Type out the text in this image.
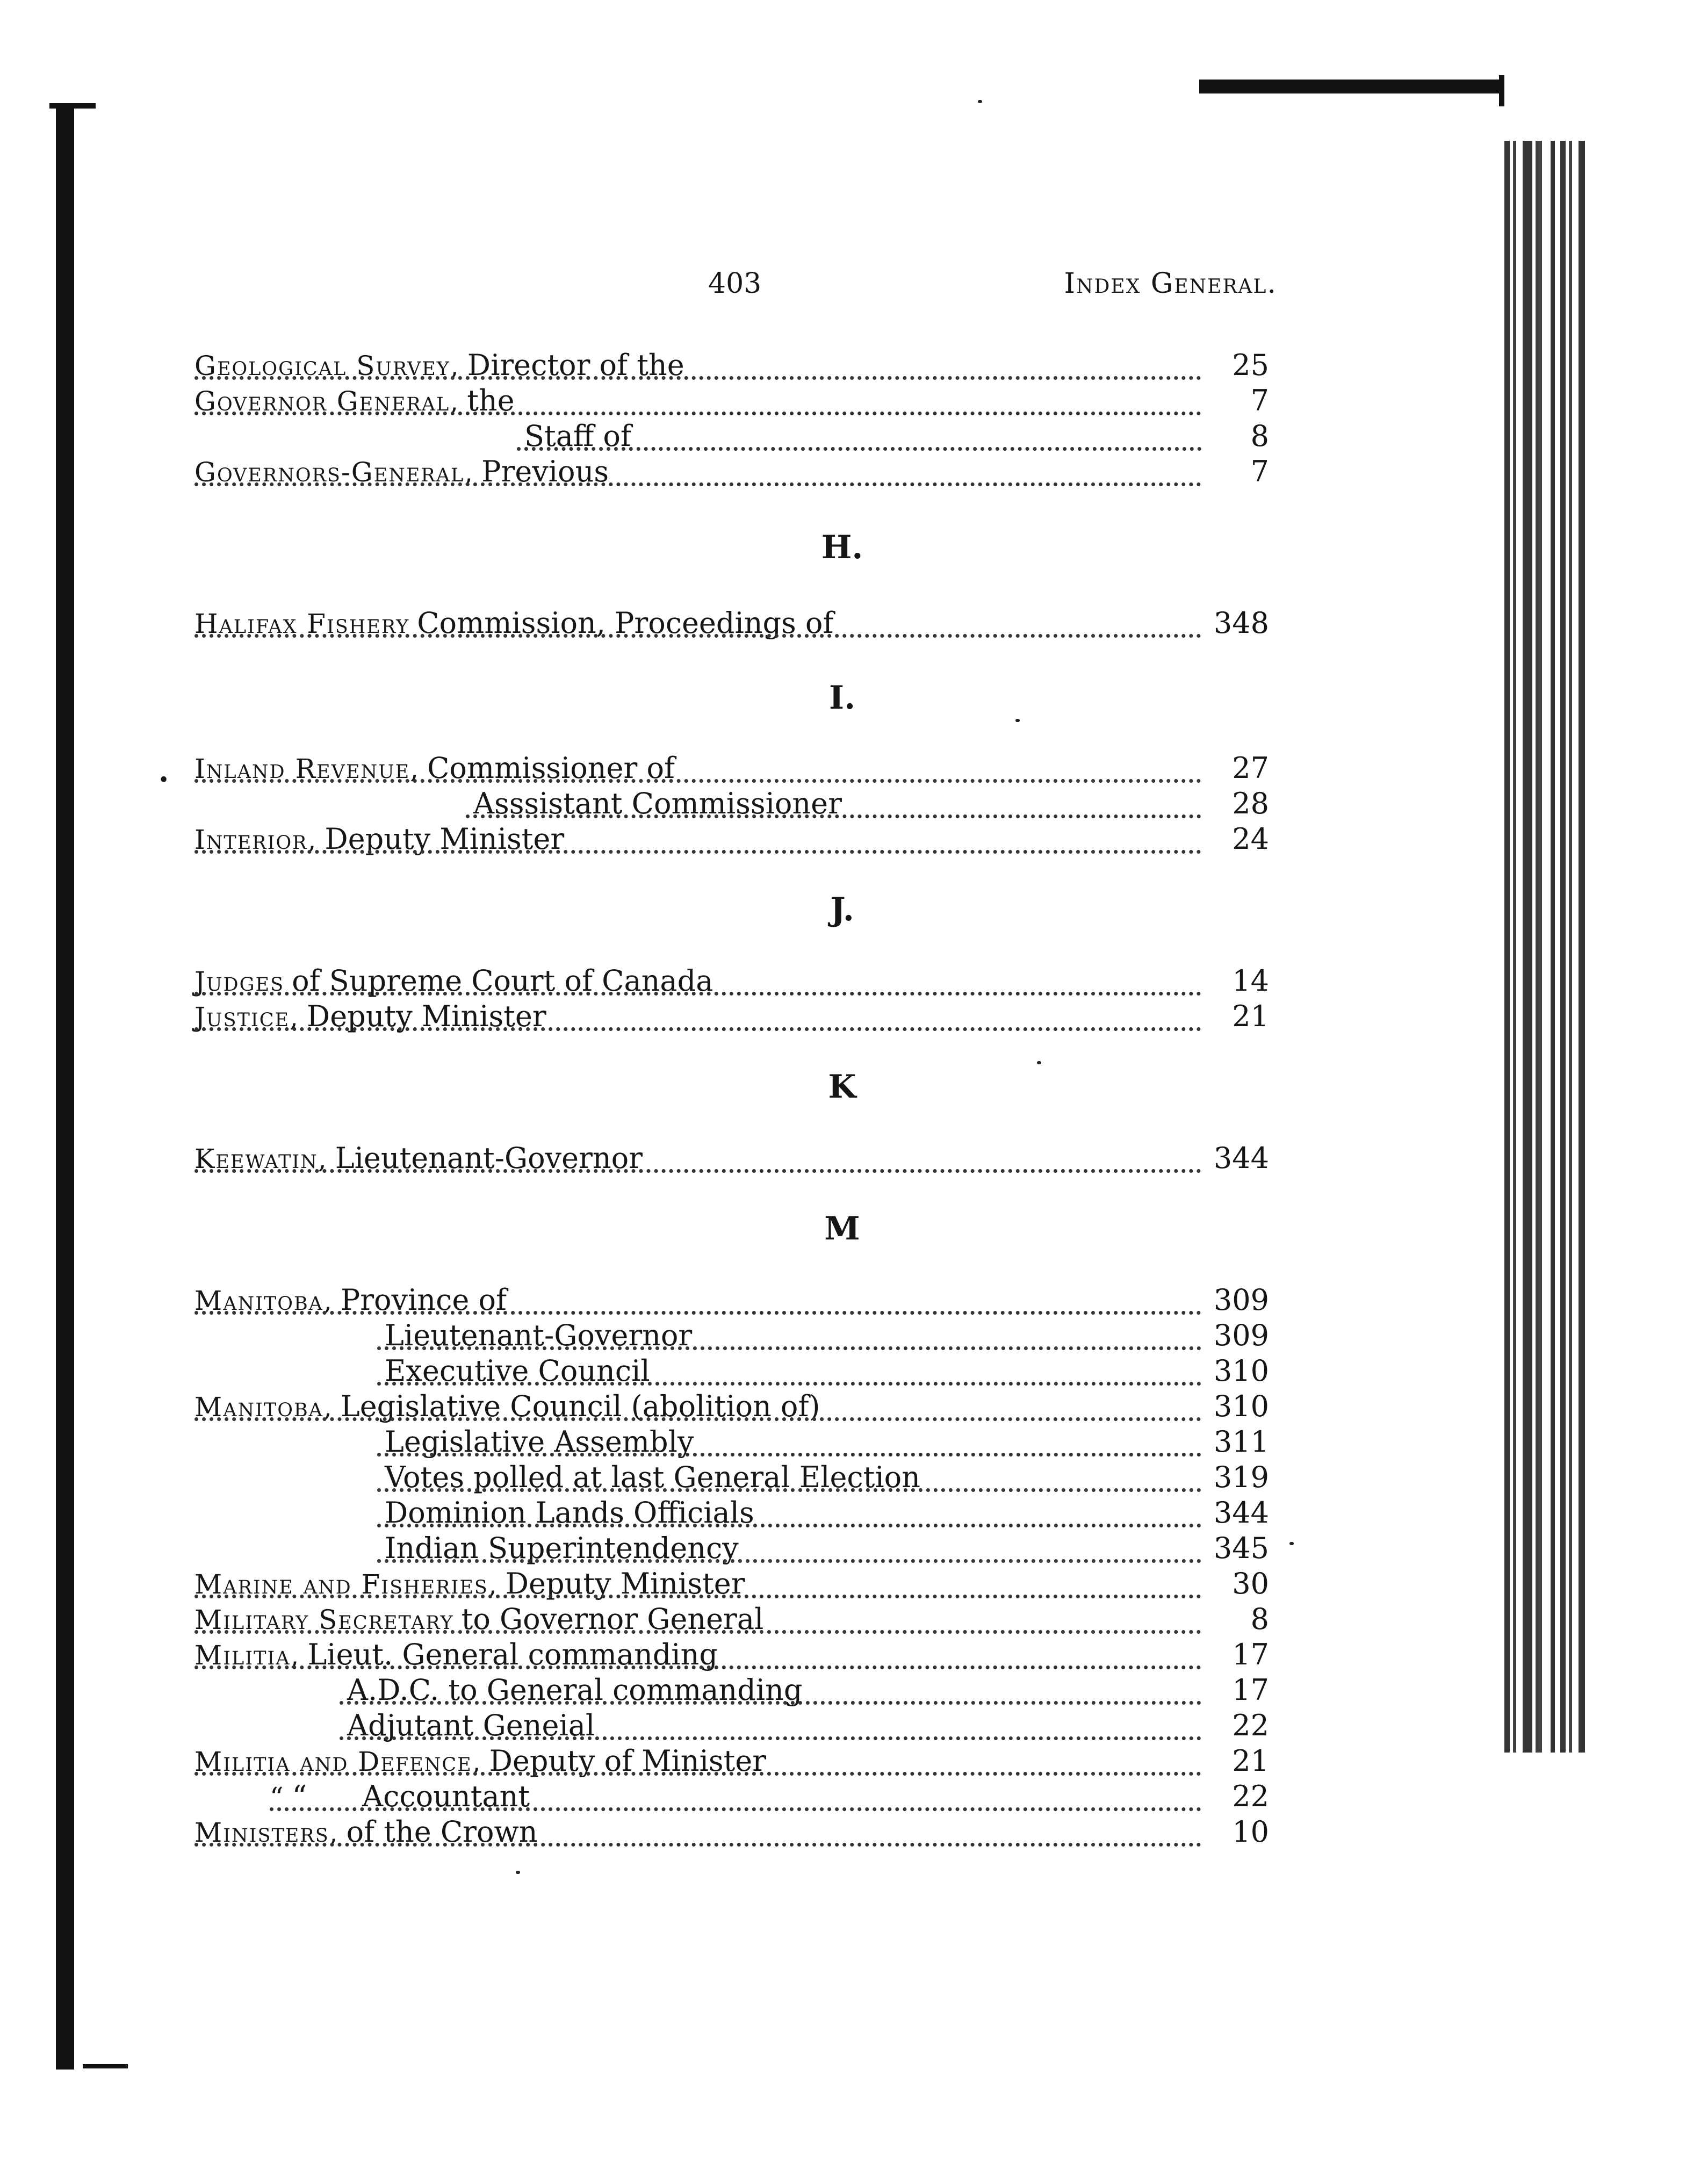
403	Index General.
H.
I.
J.
K
M
•
Geological Survey, Director of the	25
Governor General, the	7
Staff of	8
Governors-General, Previous	7
Halifax Fishery Commission, Proceedings of	348
Inland Revenue, Commissioner of	27
Asssistant Commissioner	28
Interior, Deputy Minister	24
Judges of Supreme Court of Canada	14
Justice, Deputy Minister	21
Keewatin, Lieutenant-Governor	344
Manitoba, Province of	309
Lieutenant-Governor	309
Executive Council	310
Manitoba, Legislative Council (abolition of)	310
Legislative Assembly	311
Votes polled at last General Election	319
Dominion Lands Officials	344
Indian Superintendency	345
Marine and Fisheries, Deputy Minister	30
Military Secretary to Governor General	8
Militia, Lieut. General commanding	17
A.D.C. to General commanding	17
Adjutant Geneial	22
Militia and Defence, Deputy of Minister	21
“ “      Accountant	22
Ministers, of the Crown	10
